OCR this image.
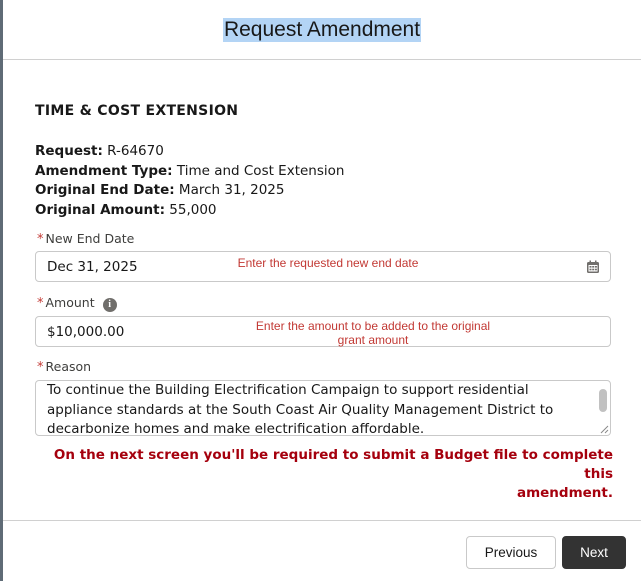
Request Amendment
TIME & COST EXTENSION
Request: R-64670
Amendment Type: Time and Cost Extension
Original End Date: March 31, 2025
Original Amount: 55,000
* New End Date
Dec 31, 2025	Enter the requested new end date
* Amount i
$10,000.00	Enter the amount to be added to the original
grant amount
* Reason
To continue the Building Electrification Campaign to support residential appliance standards at the South Coast Air Quality Management District to decarbonize homes and make electrification affordable.
On the next screen you'll be required to submit a Budget file to complete this
amendment.
Previous	Next
